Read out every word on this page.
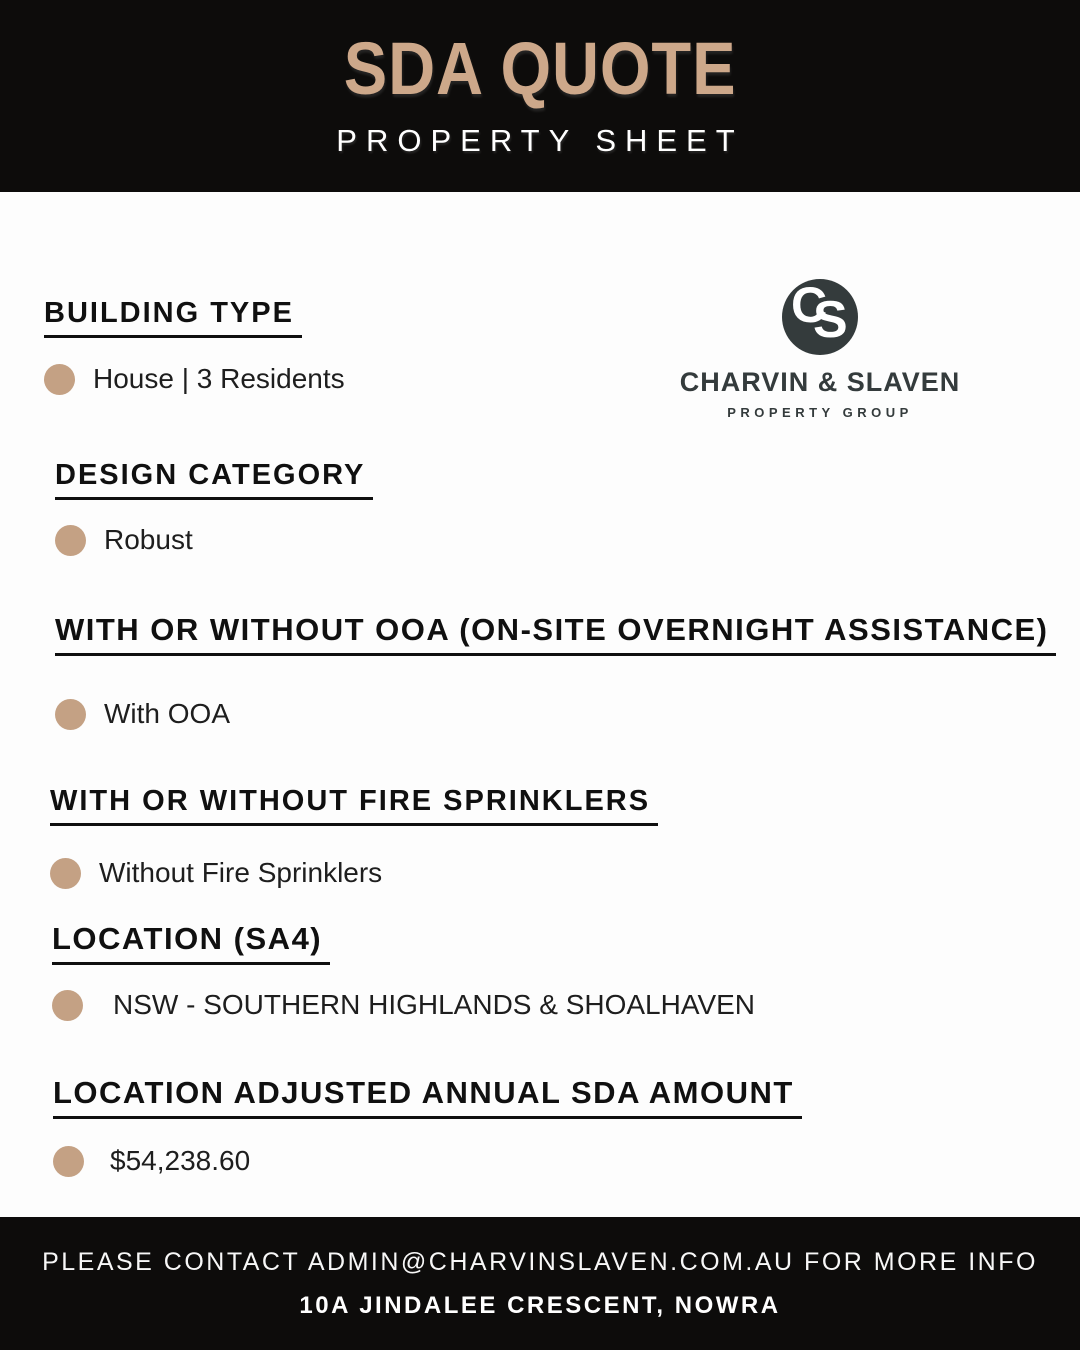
SDA QUOTE
PROPERTY SHEET
C
S
CHARVIN & SLAVEN
PROPERTY GROUP
BUILDING TYPE
House | 3 Residents
DESIGN CATEGORY
Robust
WITH OR WITHOUT OOA (ON-SITE OVERNIGHT ASSISTANCE)
With OOA
WITH OR WITHOUT FIRE SPRINKLERS
Without Fire Sprinklers
LOCATION (SA4)
NSW - SOUTHERN HIGHLANDS & SHOALHAVEN
LOCATION ADJUSTED ANNUAL SDA AMOUNT
$54,238.60
PLEASE CONTACT ADMIN@CHARVINSLAVEN.COM.AU FOR MORE INFO
10A JINDALEE CRESCENT, NOWRA
